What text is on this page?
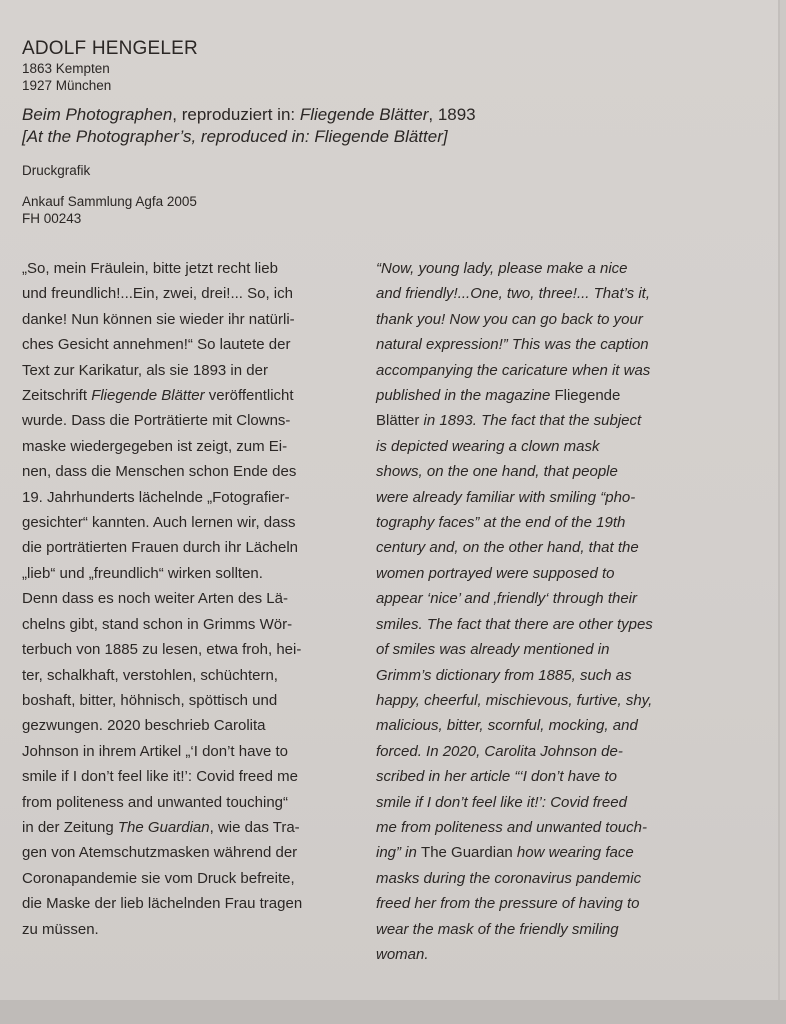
ADOLF HENGELER
1863 Kempten
1927 München
Beim Photographen, reproduziert in: Fliegende Blätter, 1893
[At the Photographer’s, reproduced in: Fliegende Blätter]
Druckgrafik
Ankauf Sammlung Agfa 2005
FH 00243
„So, mein Fräulein, bitte jetzt recht lieb
und freundlich!...Ein, zwei, drei!... So, ich
danke! Nun können sie wieder ihr natürli-
ches Gesicht annehmen!“ So lautete der
Text zur Karikatur, als sie 1893 in der
Zeitschrift Fliegende Blätter veröffentlicht
wurde. Dass die Porträtierte mit Clowns-
maske wiedergegeben ist zeigt, zum Ei-
nen, dass die Menschen schon Ende des
19. Jahrhunderts lächelnde „Fotografier-
gesichter“ kannten. Auch lernen wir, dass
die porträtierten Frauen durch ihr Lächeln
„lieb“ und „freundlich“ wirken sollten.
Denn dass es noch weiter Arten des Lä-
chelns gibt, stand schon in Grimms Wör-
terbuch von 1885 zu lesen, etwa froh, hei-
ter, schalkhaft, verstohlen, schüchtern,
boshaft, bitter, höhnisch, spöttisch und
gezwungen. 2020 beschrieb Carolita
Johnson in ihrem Artikel „‘I don’t have to
smile if I don’t feel like it!’: Covid freed me
from politeness and unwanted touching“
in der Zeitung The Guardian, wie das Tra-
gen von Atemschutzmasken während der
Coronapandemie sie vom Druck befreite,
die Maske der lieb lächelnden Frau tragen
zu müssen.
“Now, young lady, please make a nice
and friendly!...One, two, three!... That’s it,
thank you! Now you can go back to your
natural expression!” This was the caption
accompanying the caricature when it was
published in the magazine Fliegende
Blätter in 1893. The fact that the subject
is depicted wearing a clown mask
shows, on the one hand, that people
were already familiar with smiling “pho-
tography faces” at the end of the 19th
century and, on the other hand, that the
women portrayed were supposed to
appear ‘nice’ and ‚friendly‘ through their
smiles. The fact that there are other types
of smiles was already mentioned in
Grimm’s dictionary from 1885, such as
happy, cheerful, mischievous, furtive, shy,
malicious, bitter, scornful, mocking, and
forced. In 2020, Carolita Johnson de-
scribed in her article “‘I don’t have to
smile if I don’t feel like it!’: Covid freed
me from politeness and unwanted touch-
ing” in The Guardian how wearing face
masks during the coronavirus pandemic
freed her from the pressure of having to
wear the mask of the friendly smiling
woman.
